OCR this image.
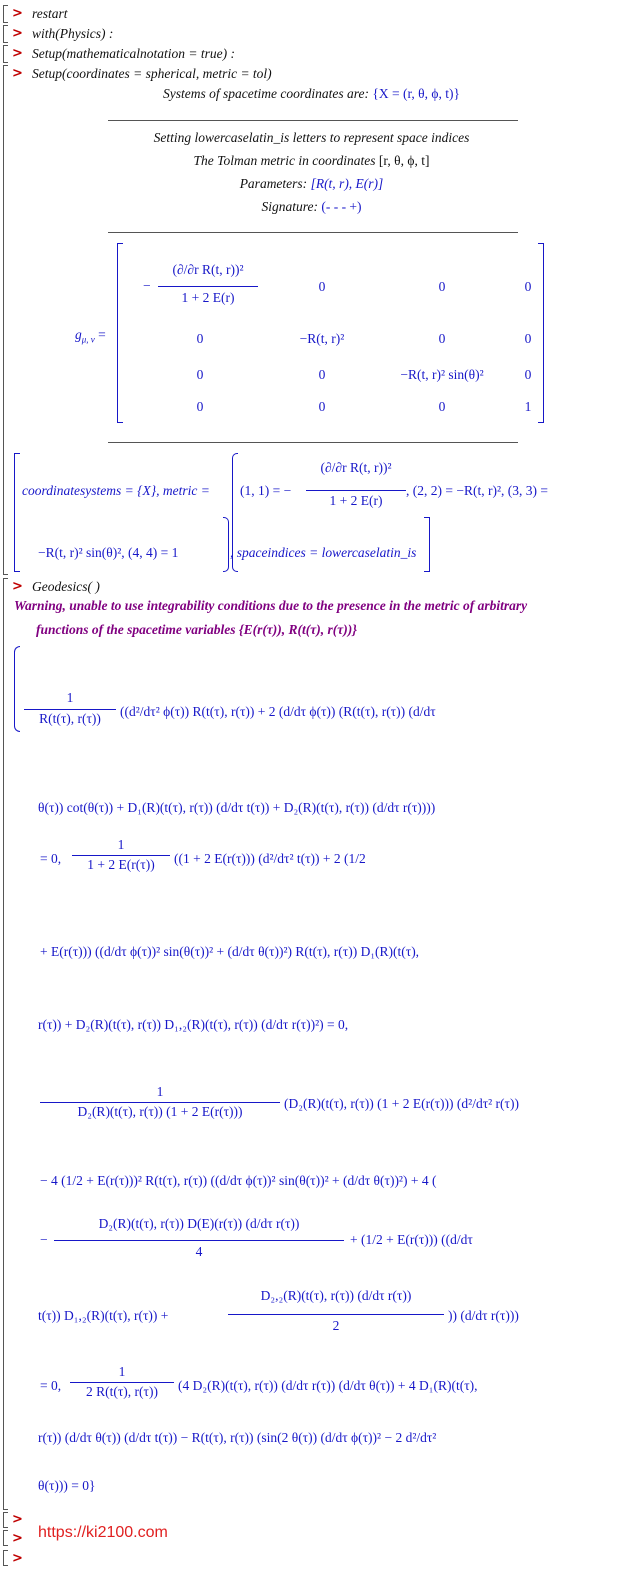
> restart
> with(Physics) :
> Setup(mathematicalnotation = true) :
> Setup(coordinates = spherical, metric = tol)
Systems of spacetime coordinates are: {X = (r, θ, ϕ, t)}
Setting lowercaselatin_is letters to represent space indices
The Tolman metric in coordinates [r, θ, ϕ, t]
Parameters: [R(t, r), E(r)]
Signature: (- - - +)
$g_{\mu, \nu}$ =
−
(∂/∂r R(t, r))²
1 + 2 E(r)
0	0	0
0	−R(t, r)²	0	0
0	0	−R(t, r)² sin(θ)²	0
0	0	0	1
coordinatesystems = {X}, metric = (1, 1) = −
(∂/∂r R(t, r))²
1 + 2 E(r)
, (2, 2) = −R(t, r)², (3, 3) =
−R(t, r)² sin(θ)², (4, 4) = 1	, spaceindices = lowercaselatin_is
> Geodesics( )
Warning, unable to use integrability conditions due to the presence in the metric of arbitrary
functions of the spacetime variables {E(r(τ)), R(t(τ), r(τ))}
1
R(t(τ), r(τ))	((d²/dτ² ϕ(τ)) R(t(τ), r(τ)) + 2 (d/dτ ϕ(τ)) (R(t(τ), r(τ)) (d/dτ
θ(τ)) cot(θ(τ)) + D₁(R)(t(τ), r(τ)) (d/dτ t(τ)) + D₂(R)(t(τ), r(τ)) (d/dτ r(τ))))
= 0,
1
1 + 2 E(r(τ))	((1 + 2 E(r(τ))) (d²/dτ² t(τ)) + 2 (1/2
+ E(r(τ))) ((d/dτ ϕ(τ))² sin(θ(τ))² + (d/dτ θ(τ))²) R(t(τ), r(τ)) D₁(R)(t(τ),
r(τ)) + D₂(R)(t(τ), r(τ)) D₁,₂(R)(t(τ), r(τ)) (d/dτ r(τ))²) = 0,
1
D₂(R)(t(τ), r(τ)) (1 + 2 E(r(τ)))
(D₂(R)(t(τ), r(τ)) (1 + 2 E(r(τ))) (d²/dτ² r(τ))
− 4 (1/2 + E(r(τ)))² R(t(τ), r(τ)) ((d/dτ ϕ(τ))² sin(θ(τ))² + (d/dτ θ(τ))²) + 4 (
−
D₂(R)(t(τ), r(τ)) D(E)(r(τ)) (d/dτ r(τ))
4
+ (1/2 + E(r(τ))) ((d/dτ
t(τ)) D₁,₂(R)(t(τ), r(τ)) +
D₂,₂(R)(t(τ), r(τ)) (d/dτ r(τ))
2
)) (d/dτ r(τ)))
= 0,
1
2 R(t(τ), r(τ))	(4 D₂(R)(t(τ), r(τ)) (d/dτ r(τ)) (d/dτ θ(τ)) + 4 D₁(R)(t(τ),
r(τ)) (d/dτ θ(τ)) (d/dτ t(τ)) − R(t(τ), r(τ)) (sin(2 θ(τ)) (d/dτ ϕ(τ))² − 2 d²/dτ²
θ(τ))) = 0}
>
>
>
https://ki2100.com
